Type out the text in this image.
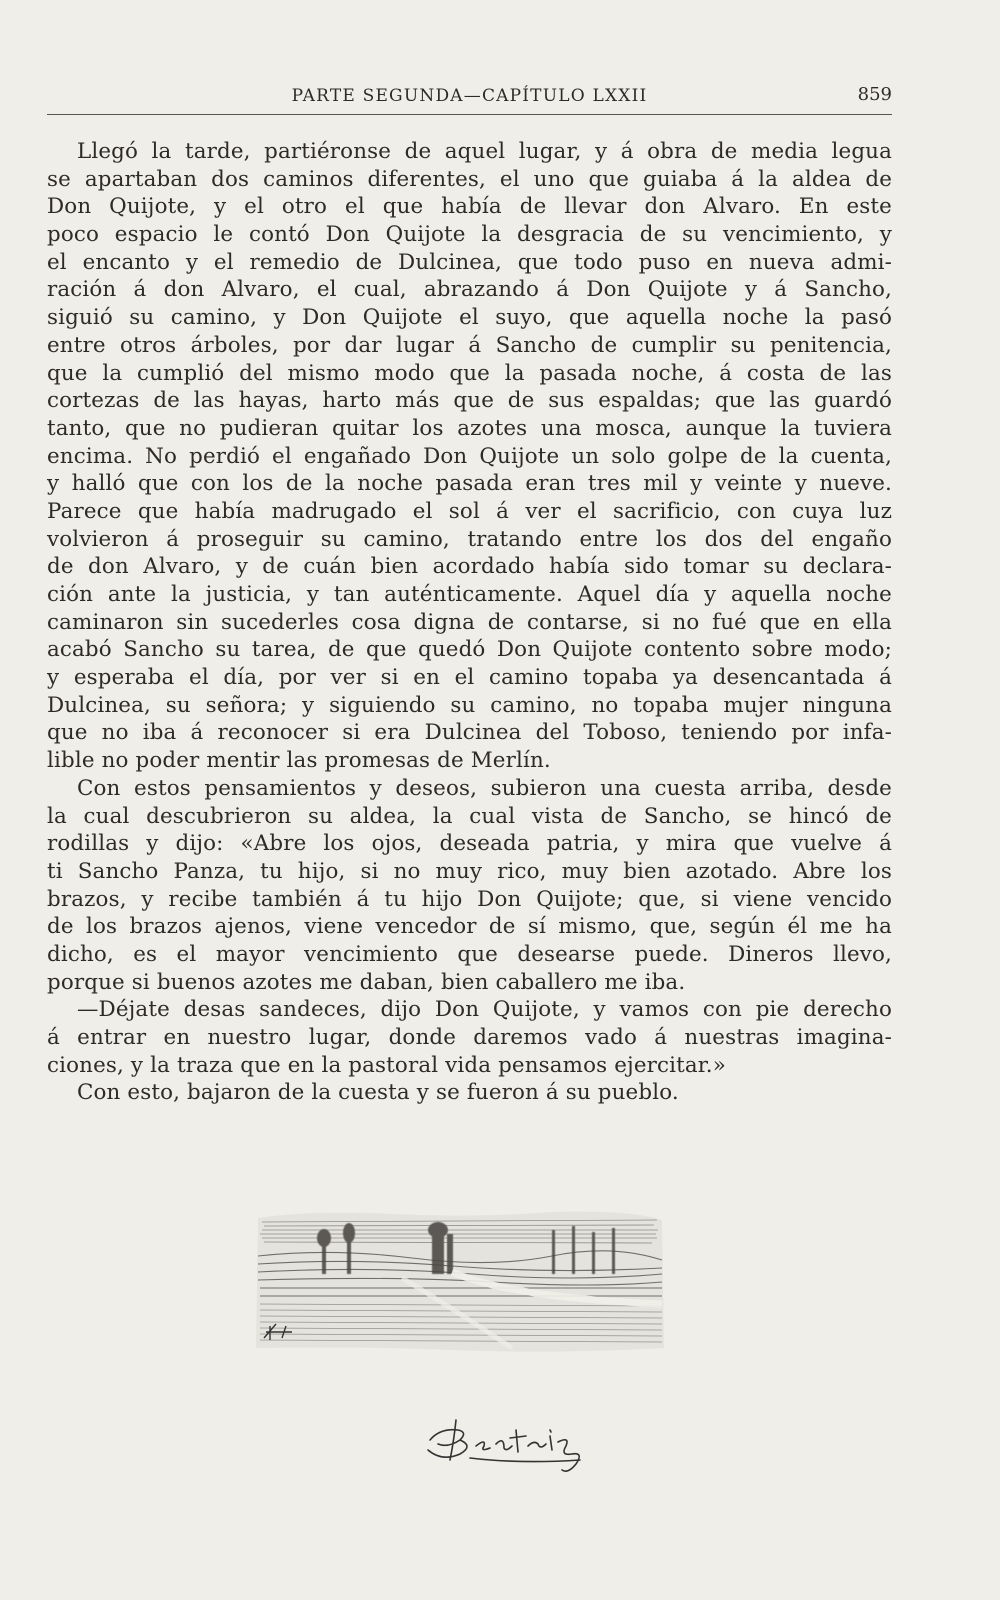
PARTE SEGUNDA—CAPÍTULO LXXII	859
Llegó la tarde, partiéronse de aquel lugar, y á obra de media legua
se apartaban dos caminos diferentes, el uno que guiaba á la aldea de
Don Quijote, y el otro el que había de llevar don Alvaro. En este
poco espacio le contó Don Quijote la desgracia de su vencimiento, y
el encanto y el remedio de Dulcinea, que todo puso en nueva admi-
ración á don Alvaro, el cual, abrazando á Don Quijote y á Sancho,
siguió su camino, y Don Quijote el suyo, que aquella noche la pasó
entre otros árboles, por dar lugar á Sancho de cumplir su penitencia,
que la cumplió del mismo modo que la pasada noche, á costa de las
cortezas de las hayas, harto más que de sus espaldas; que las guardó
tanto, que no pudieran quitar los azotes una mosca, aunque la tuviera
encima. No perdió el engañado Don Quijote un solo golpe de la cuenta,
y halló que con los de la noche pasada eran tres mil y veinte y nueve.
Parece que había madrugado el sol á ver el sacrificio, con cuya luz
volvieron á proseguir su camino, tratando entre los dos del engaño
de don Alvaro, y de cuán bien acordado había sido tomar su declara-
ción ante la justicia, y tan auténticamente. Aquel día y aquella noche
caminaron sin sucederles cosa digna de contarse, si no fué que en ella
acabó Sancho su tarea, de que quedó Don Quijote contento sobre modo;
y esperaba el día, por ver si en el camino topaba ya desencantada á
Dulcinea, su señora; y siguiendo su camino, no topaba mujer ninguna
que no iba á reconocer si era Dulcinea del Toboso, teniendo por infa-
lible no poder mentir las promesas de Merlín.
Con estos pensamientos y deseos, subieron una cuesta arriba, desde
la cual descubrieron su aldea, la cual vista de Sancho, se hincó de
rodillas y dijo: «Abre los ojos, deseada patria, y mira que vuelve á
ti Sancho Panza, tu hijo, si no muy rico, muy bien azotado. Abre los
brazos, y recibe también á tu hijo Don Quijote; que, si viene vencido
de los brazos ajenos, viene vencedor de sí mismo, que, según él me ha
dicho, es el mayor vencimiento que desearse puede. Dineros llevo,
porque si buenos azotes me daban, bien caballero me iba.
—Déjate desas sandeces, dijo Don Quijote, y vamos con pie derecho
á entrar en nuestro lugar, donde daremos vado á nuestras imagina-
ciones, y la traza que en la pastoral vida pensamos ejercitar.»
Con esto, bajaron de la cuesta y se fueron á su pueblo.
